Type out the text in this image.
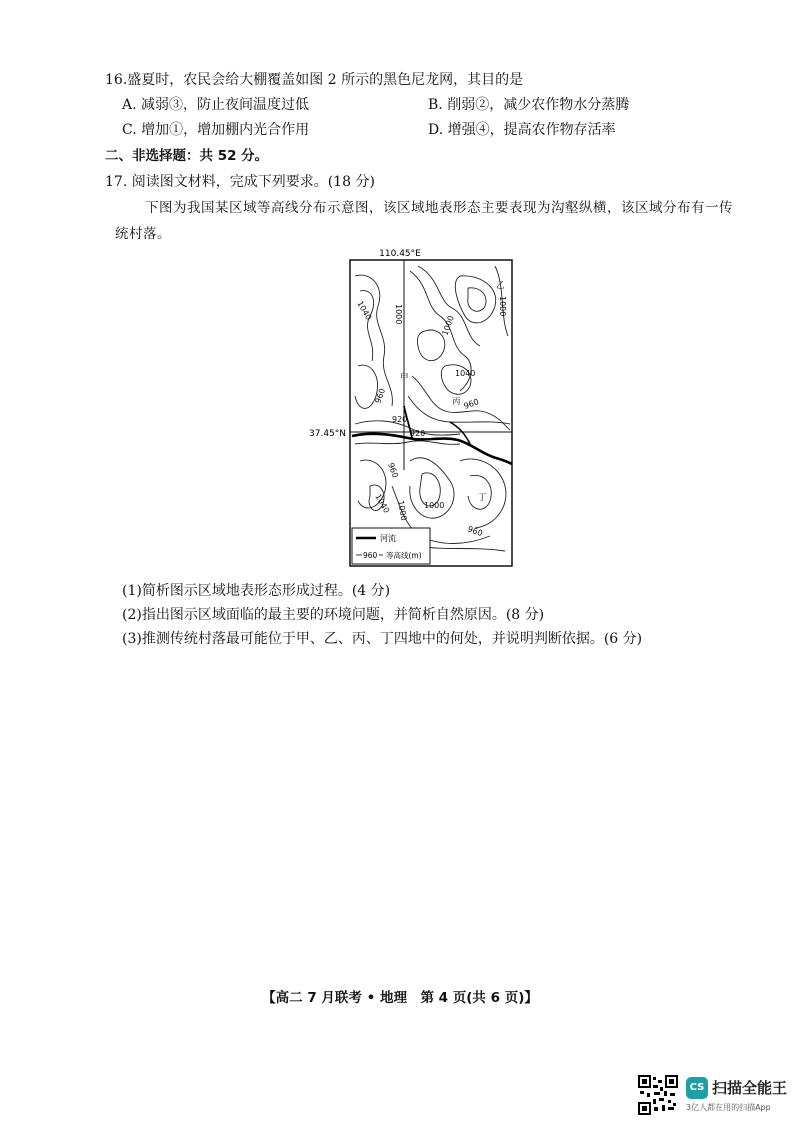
16.盛夏时，农民会给大棚覆盖如图 2 所示的黑色尼龙网，其目的是
A. 减弱③，防止夜间温度过低	B. 削弱②，减少农作物水分蒸腾
C. 增加①，增加棚内光合作用	D. 增强④，提高农作物存活率
二、非选择题：共 52 分。
17. 阅读图文材料，完成下列要求。(18 分)
下图为我国某区域等高线分布示意图，该区域地表形态主要表现为沟壑纵横，该区域分布有一传
统村落。
110.45°E
37.45°N
1040	1000	1000
1000
1040
960	960
920
920
960
1040 1000 1000
960
甲
乙
丙
丁
河流
960 等高线(m)
(1)简析图示区域地表形态形成过程。(4 分)
(2)指出图示区域面临的最主要的环境问题，并简析自然原因。(8 分)
(3)推测传统村落最可能位于甲、乙、丙、丁四地中的何处，并说明判断依据。(6 分)
【高二 7 月联考 • 地理　第 4 页(共 6 页)】
CS 扫描全能王
3亿人都在用的扫描App
